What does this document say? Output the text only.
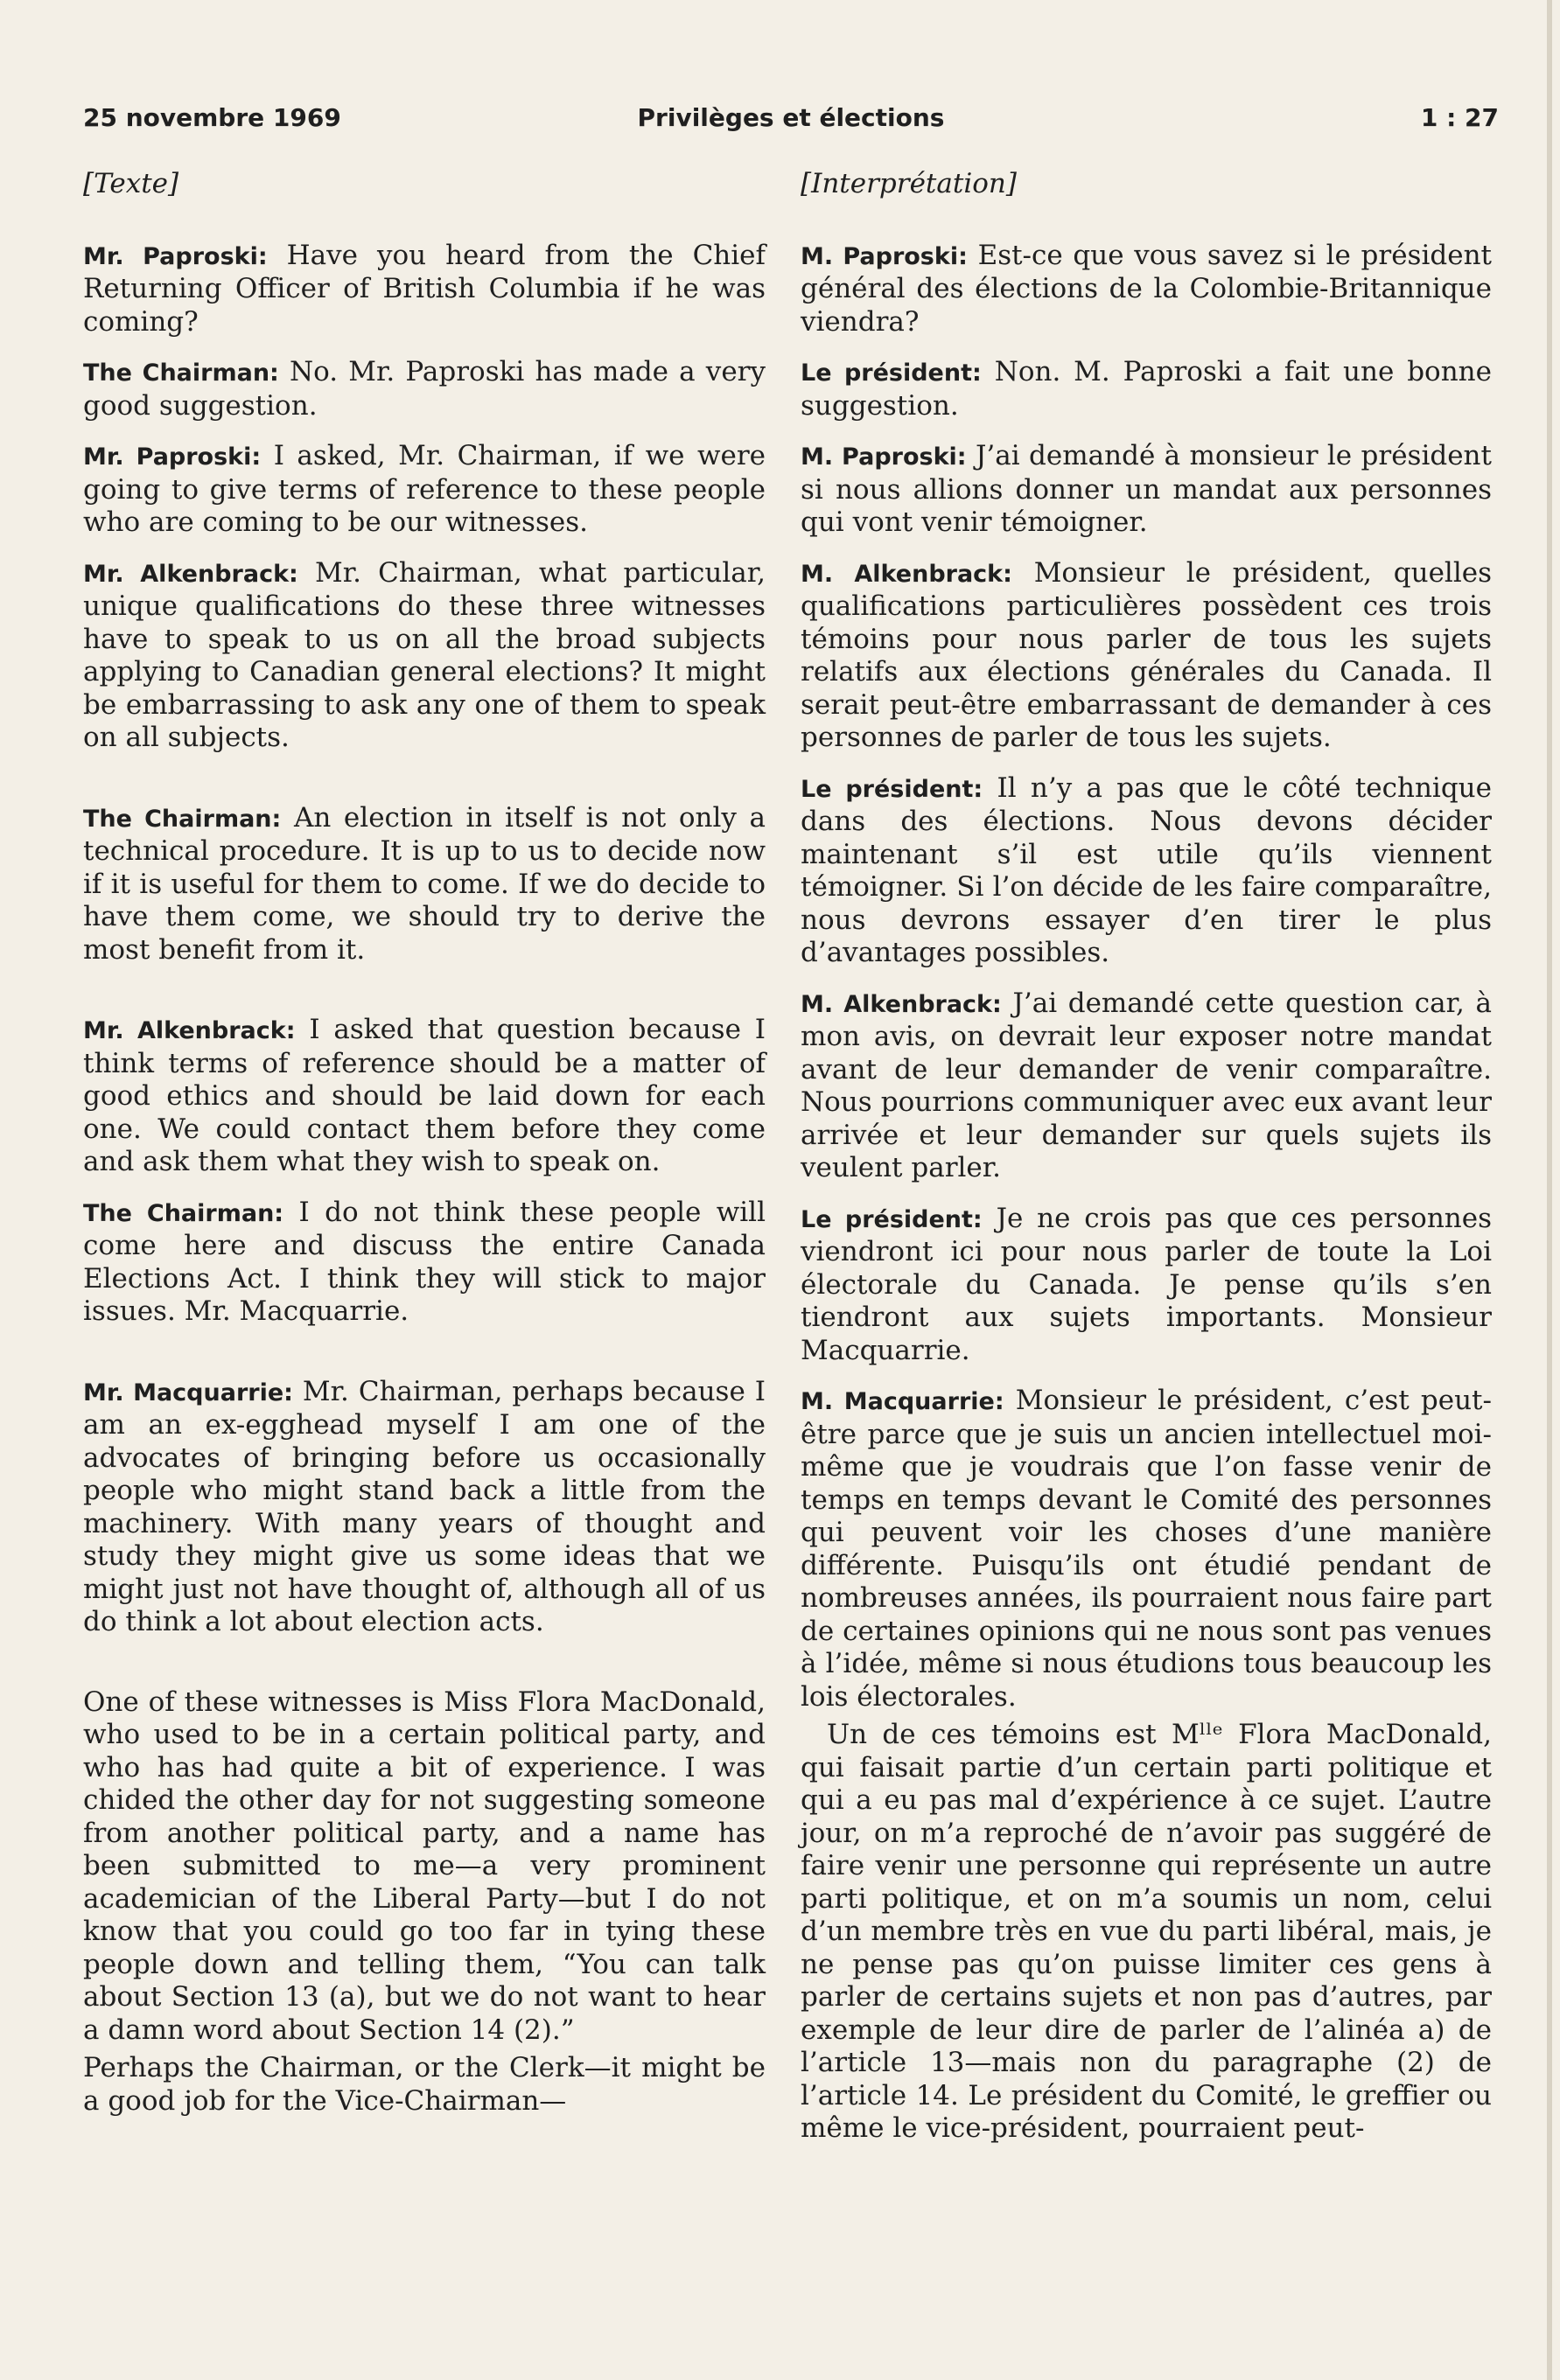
25 novembre 1969	Privilèges et élections	1 : 27
[Texte]

Mr. Paproski: Have you heard from the Chief Returning Officer of British Columbia if he was coming?

The Chairman: No. Mr. Paproski has made a very good suggestion.

Mr. Paproski: I asked, Mr. Chairman, if we were going to give terms of reference to these people who are coming to be our witnesses.

Mr. Alkenbrack: Mr. Chairman, what particular, unique qualifications do these three witnesses have to speak to us on all the broad subjects applying to Canadian general elections? It might be embarrassing to ask any one of them to speak on all subjects.

The Chairman: An election in itself is not only a technical procedure. It is up to us to decide now if it is useful for them to come. If we do decide to have them come, we should try to derive the most benefit from it.

Mr. Alkenbrack: I asked that question because I think terms of reference should be a matter of good ethics and should be laid down for each one. We could contact them before they come and ask them what they wish to speak on.

The Chairman: I do not think these people will come here and discuss the entire Canada Elections Act. I think they will stick to major issues. Mr. Macquarrie.

Mr. Macquarrie: Mr. Chairman, perhaps because I am an ex-egghead myself I am one of the advocates of bringing before us occasionally people who might stand back a little from the machinery. With many years of thought and study they might give us some ideas that we might just not have thought of, although all of us do think a lot about election acts.

One of these witnesses is Miss Flora MacDonald, who used to be in a certain political party, and who has had quite a bit of experience. I was chided the other day for not suggesting someone from another political party, and a name has been submitted to me—a very prominent academician of the Liberal Party—but I do not know that you could go too far in tying these people down and telling them, “You can talk about Section 13 (a), but we do not want to hear a damn word about Section 14 (2).”

Perhaps the Chairman, or the Clerk—it might be a good job for the Vice-Chairman—

[Interprétation]

M. Paproski: Est-ce que vous savez si le président général des élections de la Colombie-Britannique viendra?

Le président: Non. M. Paproski a fait une bonne suggestion.

M. Paproski: J’ai demandé à monsieur le président si nous allions donner un mandat aux personnes qui vont venir témoigner.

M. Alkenbrack: Monsieur le président, quelles qualifications particulières possèdent ces trois témoins pour nous parler de tous les sujets relatifs aux élections générales du Canada. Il serait peut-être embarrassant de demander à ces personnes de parler de tous les sujets.

Le président: Il n’y a pas que le côté technique dans des élections. Nous devons décider maintenant s’il est utile qu’ils viennent témoigner. Si l’on décide de les faire comparaître, nous devrons essayer d’en tirer le plus d’avantages possibles.

M. Alkenbrack: J’ai demandé cette question car, à mon avis, on devrait leur exposer notre mandat avant de leur demander de venir comparaître. Nous pourrions communiquer avec eux avant leur arrivée et leur demander sur quels sujets ils veulent parler.

Le président: Je ne crois pas que ces personnes viendront ici pour nous parler de toute la Loi électorale du Canada. Je pense qu’ils s’en tiendront aux sujets importants. Monsieur Macquarrie.

M. Macquarrie: Monsieur le président, c’est peut-être parce que je suis un ancien intellectuel moi-même que je voudrais que l’on fasse venir de temps en temps devant le Comité des personnes qui peuvent voir les choses d’une manière différente. Puisqu’ils ont étudié pendant de nombreuses années, ils pourraient nous faire part de certaines opinions qui ne nous sont pas venues à l’idée, même si nous étudions tous beaucoup les lois électorales.

Un de ces témoins est Mˡˡᵉ Flora MacDonald, qui faisait partie d’un certain parti politique et qui a eu pas mal d’expérience à ce sujet. L’autre jour, on m’a reproché de n’avoir pas suggéré de faire venir une personne qui représente un autre parti politique, et on m’a soumis un nom, celui d’un membre très en vue du parti libéral, mais, je ne pense pas qu’on puisse limiter ces gens à parler de certains sujets et non pas d’autres, par exemple de leur dire de parler de l’alinéa a) de l’article 13—mais non du paragraphe (2) de l’article 14. Le président du Comité, le greffier ou même le vice-président, pourraient peut-
